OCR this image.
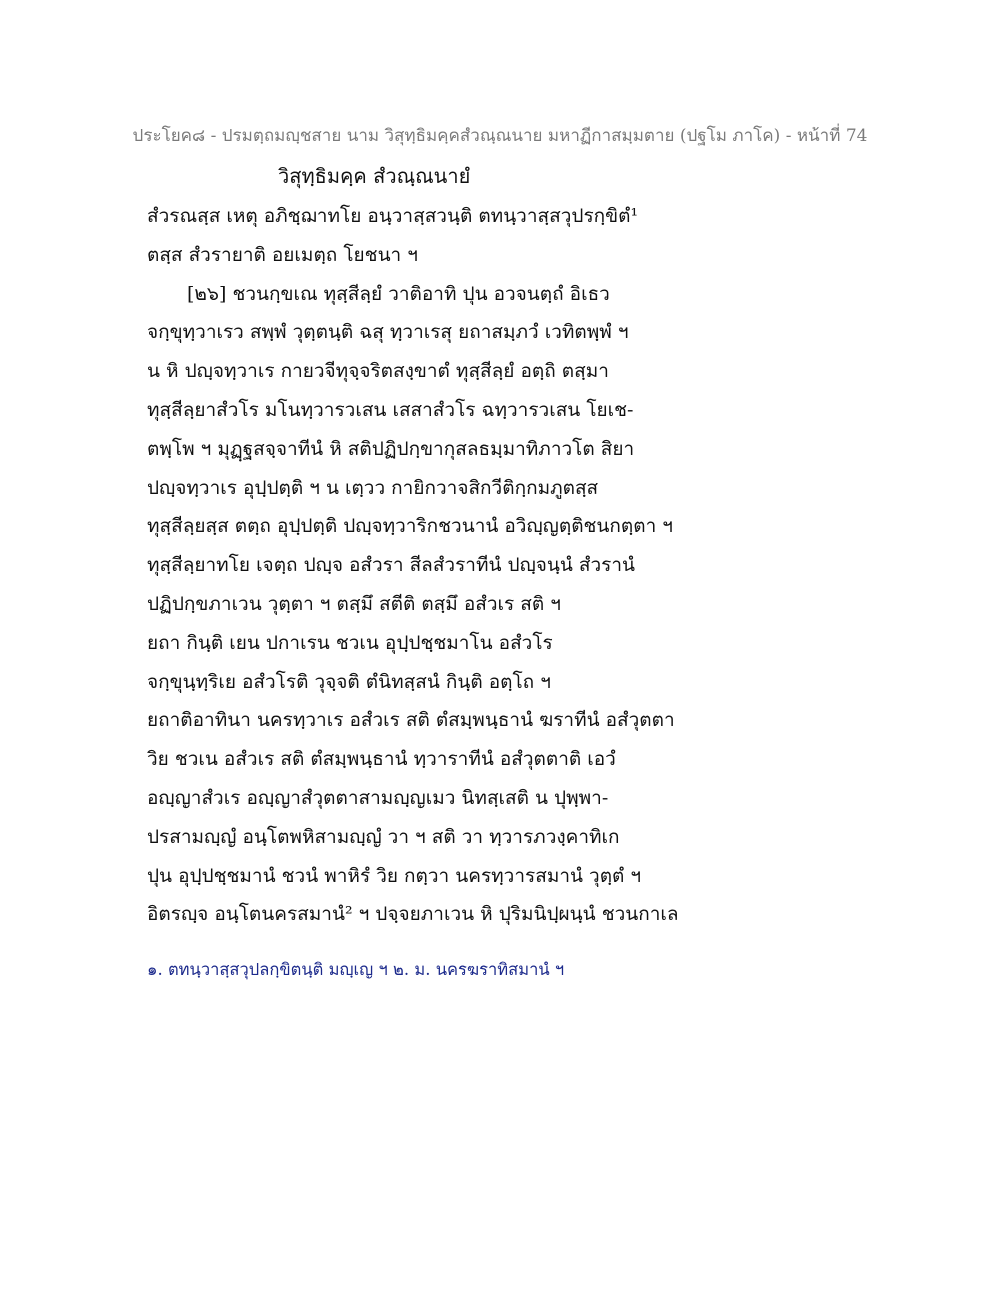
ประโยค๘ - ปรมตฺถมญฺชสาย นาม วิสุทฺธิมคฺคสํวณฺณนาย มหาฏีกาสมฺมตาย (ปฐโม ภาโค) - หน้าที่ 74
วิสุทฺธิมคฺค สํวณฺณนายํ
สํวรณสฺส เหตุ อภิชฺฌาทโย อนฺวาสฺสวนฺติ ตทนฺวาสฺสวุปรกฺขิตํ¹
ตสฺส สํวรายาติ อยเมตฺถ โยชนา ฯ
[๒๖] ชวนกฺขเณ ทุสฺสีลฺยํ วาติอาทิ ปุน อวจนตฺถํ อิเธว
จกฺขุทฺวาเรว สพฺพํ วุตฺตนฺติ ฉสุ ทฺวาเรสุ ยถาสมฺภวํ เวทิตพฺพํ ฯ
น หิ ปญฺจทฺวาเร กายวจีทุจฺจริตสงฺขาตํ ทุสฺสีลฺยํ อตฺถิ ตสฺมา
ทุสฺสีลฺยาสํวโร มโนทฺวารวเสน เสสาสํวโร ฉทฺวารวเสน โยเช-
ตพฺโพ ฯ มุฏฺฐสจฺจาทีนํ หิ สติปฏิปกฺขากุสลธมฺมาทิภาวโต สิยา
ปญฺจทฺวาเร อุปฺปตฺติ ฯ น เตฺวว กายิกวาจสิกวีติกฺกมภูตสฺส
ทุสฺสีลฺยสฺส ตตฺถ อุปฺปตฺติ ปญฺจทฺวาริกชวนานํ อวิญฺญตฺติชนกตฺตา ฯ
ทุสฺสีลฺยาทโย เจตฺถ ปญฺจ อสํวรา สีลสํวราทีนํ ปญฺจนฺนํ สํวรานํ
ปฏิปกฺขภาเวน วุตฺตา ฯ ตสฺมึ สตีติ ตสฺมึ อสํวเร สติ ฯ
ยถา กินฺติ เยน ปกาเรน ชวเน อุปฺปชฺชมาโน อสํวโร
จกฺขุนฺทฺริเย อสํวโรติ วุจฺจติ ตํนิทสฺสนํ กินฺติ อตฺโถ ฯ
ยถาติอาทินา นครทฺวาเร อสํวเร สติ ตํสมฺพนฺธานํ ฆราทีนํ อสํวุตตา
วิย ชวเน อสํวเร สติ ตํสมฺพนฺธานํ ทฺวาราทีนํ อสํวุตตาติ เอวํ
อญฺญาสํวเร อญฺญาสํวุตตาสามญฺญเมว นิทสฺเสติ น ปุพฺพา-
ปรสามญฺญํ อนฺโตพหิสามญฺญํ วา ฯ สติ วา ทฺวารภวงฺคาทิเก
ปุน อุปฺปชฺชมานํ ชวนํ พาหิรํ วิย กตฺวา นครทฺวารสมานํ วุตฺตํ ฯ
อิตรญฺจ อนฺโตนครสมานํ² ฯ ปจฺจยภาเวน หิ ปุริมนิปฺผนฺนํ ชวนกาเล
๑. ตทนฺวาสฺสวุปลกฺขิตนฺติ มญฺเญ ฯ ๒. ม. นครฆราทิสมานํ ฯ
